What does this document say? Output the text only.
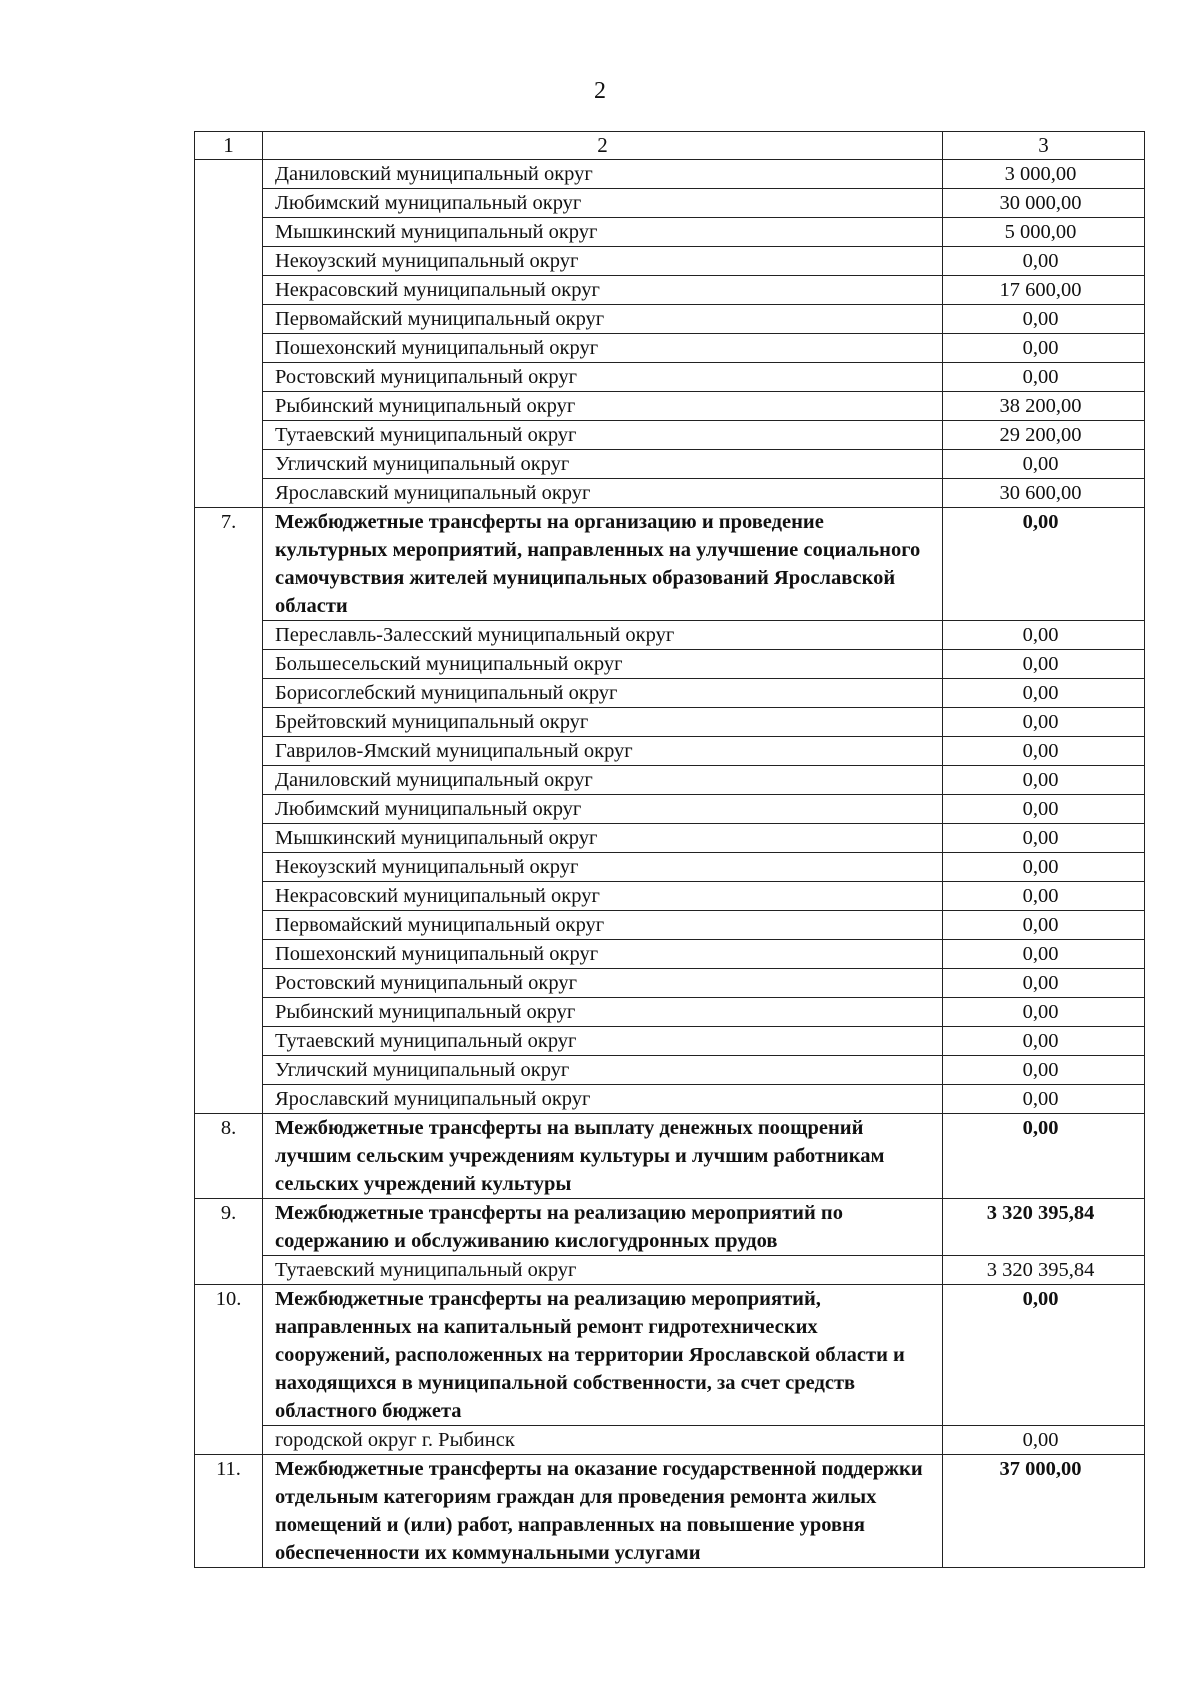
2
1	2	3
	Даниловский муниципальный округ	3 000,00
	Любимский муниципальный округ	30 000,00
	Мышкинский муниципальный округ	5 000,00
	Некоузский муниципальный округ	0,00
	Некрасовский муниципальный округ	17 600,00
	Первомайский муниципальный округ	0,00
	Пошехонский муниципальный округ	0,00
	Ростовский муниципальный округ	0,00
	Рыбинский муниципальный округ	38 200,00
	Тутаевский муниципальный округ	29 200,00
	Угличский муниципальный округ	0,00
	Ярославский муниципальный округ	30 600,00
7.	Межбюджетные трансферты на организацию и проведение культурных мероприятий, направленных на улучшение социального самочувствия жителей муниципальных образований Ярославской области	0,00
	Переславль-Залесский муниципальный округ	0,00
	Большесельский муниципальный округ	0,00
	Борисоглебский муниципальный округ	0,00
	Брейтовский муниципальный округ	0,00
	Гаврилов-Ямский муниципальный округ	0,00
	Даниловский муниципальный округ	0,00
	Любимский муниципальный округ	0,00
	Мышкинский муниципальный округ	0,00
	Некоузский муниципальный округ	0,00
	Некрасовский муниципальный округ	0,00
	Первомайский муниципальный округ	0,00
	Пошехонский муниципальный округ	0,00
	Ростовский муниципальный округ	0,00
	Рыбинский муниципальный округ	0,00
	Тутаевский муниципальный округ	0,00
	Угличский муниципальный округ	0,00
	Ярославский муниципальный округ	0,00
8.	Межбюджетные трансферты на выплату денежных поощрений лучшим сельским учреждениям культуры и лучшим работникам сельских учреждений культуры	0,00
9.	Межбюджетные трансферты на реализацию мероприятий по содержанию и обслуживанию кислогудронных прудов	3 320 395,84
	Тутаевский муниципальный округ	3 320 395,84
10.	Межбюджетные трансферты на реализацию мероприятий, направленных на капитальный ремонт гидротехнических сооружений, расположенных на территории Ярославской области и находящихся в муниципальной собственности, за счет средств областного бюджета	0,00
	городской округ г. Рыбинск	0,00
11.	Межбюджетные трансферты на оказание государственной поддержки отдельным категориям граждан для проведения ремонта жилых помещений и (или) работ, направленных на повышение уровня обеспеченности их коммунальными услугами	37 000,00
